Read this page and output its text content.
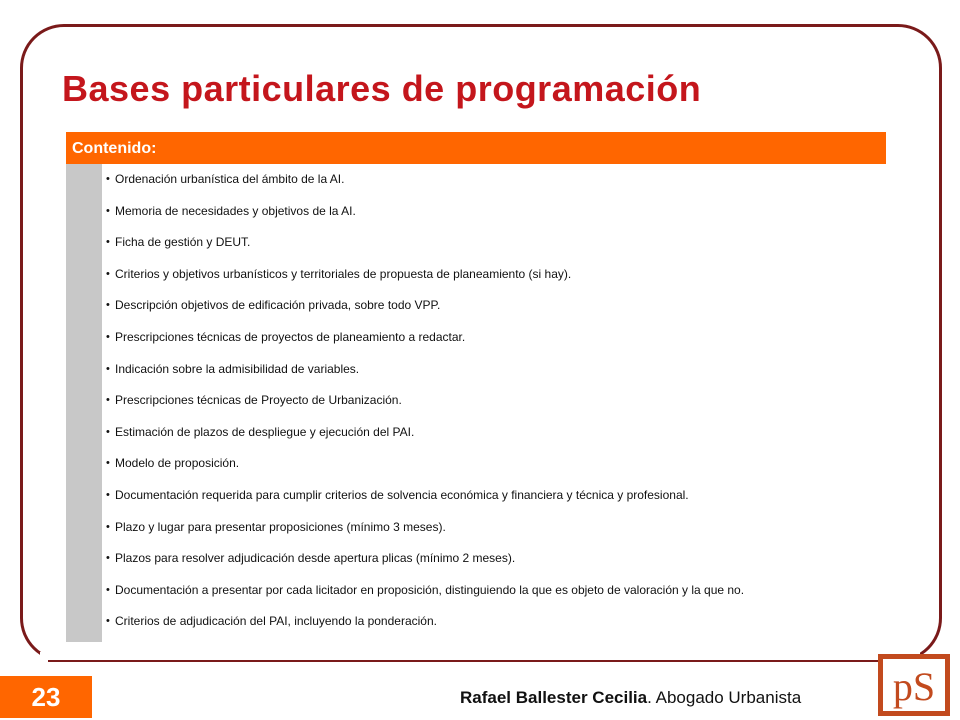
Bases particulares de programación
Contenido:
• Ordenación urbanística del ámbito de la AI.
• Memoria de necesidades y objetivos de la AI.
• Ficha de gestión y DEUT.
• Criterios y objetivos urbanísticos y territoriales de propuesta de planeamiento (si hay).
• Descripción objetivos de edificación privada, sobre todo VPP.
• Prescripciones técnicas de proyectos de planeamiento a redactar.
• Indicación sobre la admisibilidad de variables.
• Prescripciones técnicas de Proyecto de Urbanización.
• Estimación de plazos de despliegue y ejecución del PAI.
• Modelo de proposición.
• Documentación requerida para cumplir criterios de solvencia económica y financiera y técnica y profesional.
• Plazo y lugar para presentar proposiciones (mínimo 3 meses).
• Plazos para resolver adjudicación desde apertura plicas (mínimo 2 meses).
• Documentación a presentar por cada licitador en proposición, distinguiendo la que es objeto de valoración y la que no.
• Criterios de adjudicación del PAI, incluyendo la ponderación.
23	Rafael Ballester Cecilia. Abogado Urbanista pS
